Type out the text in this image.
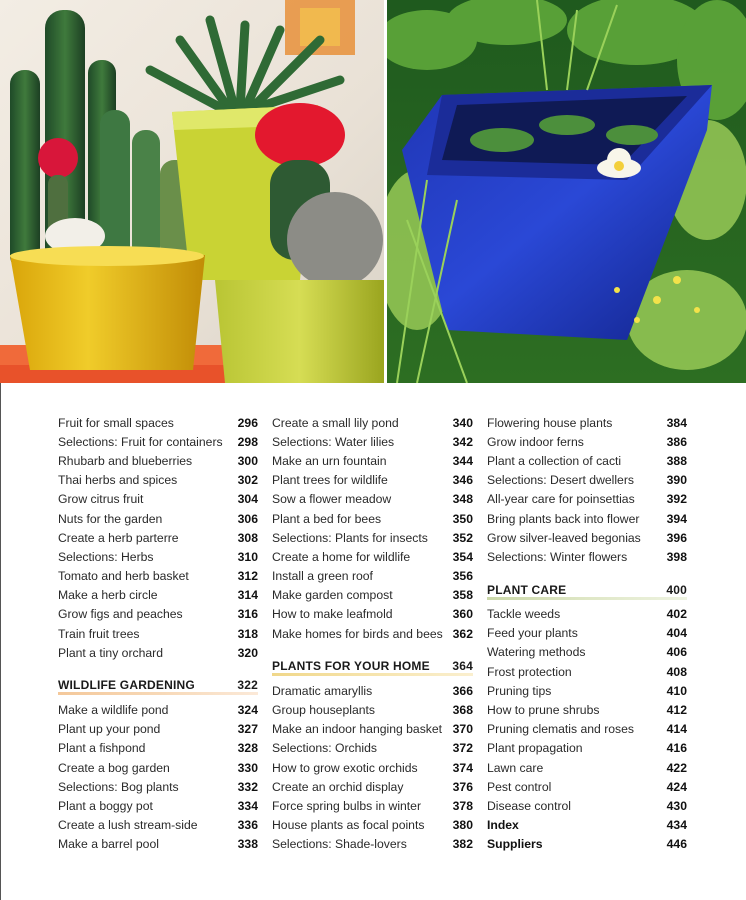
Fruit for small spaces	296
Selections: Fruit for containers 298
Rhubarb and blueberries	300
Thai herbs and spices	302
Grow citrus fruit	304
Nuts for the garden	306
Create a herb parterre	308
Selections: Herbs	310
Tomato and herb basket	312
Make a herb circle	314
Grow figs and peaches	316
Train fruit trees	318
Plant a tiny orchard	320
WILDLIFE GARDENING	322
Make a wildlife pond	324
Plant up your pond	327
Plant a fishpond	328
Create a bog garden	330
Selections: Bog plants	332
Plant a boggy pot	334
Create a lush stream-side	336
Make a barrel pool	338
Create a small lily pond	340
Selections: Water lilies	342
Make an urn fountain	344
Plant trees for wildlife	346
Sow a flower meadow	348
Plant a bed for bees	350
Selections: Plants for insects 352
Create a home for wildlife	354
Install a green roof	356
Make garden compost	358
How to make leafmold	360
Make homes for birds and bees 362
PLANTS FOR YOUR HOME 364
Dramatic amaryllis	366
Group houseplants	368
Make an indoor hanging basket 370
Selections: Orchids	372
How to grow exotic orchids	374
Create an orchid display	376
Force spring bulbs in winter	378
House plants as focal points 380
Selections: Shade-lovers	382
Flowering house plants	384
Grow indoor ferns	386
Plant a collection of cacti	388
Selections: Desert dwellers	390
All-year care for poinsettias	392
Bring plants back into flower 394
Grow silver-leaved begonias 396
Selections: Winter flowers	398
PLANT CARE	400
Tackle weeds	402
Feed your plants	404
Watering methods	406
Frost protection	408
Pruning tips	410
How to prune shrubs	412
Pruning clematis and roses	414
Plant propagation	416
Lawn care	422
Pest control	424
Disease control	430
Index	434
Suppliers	446
